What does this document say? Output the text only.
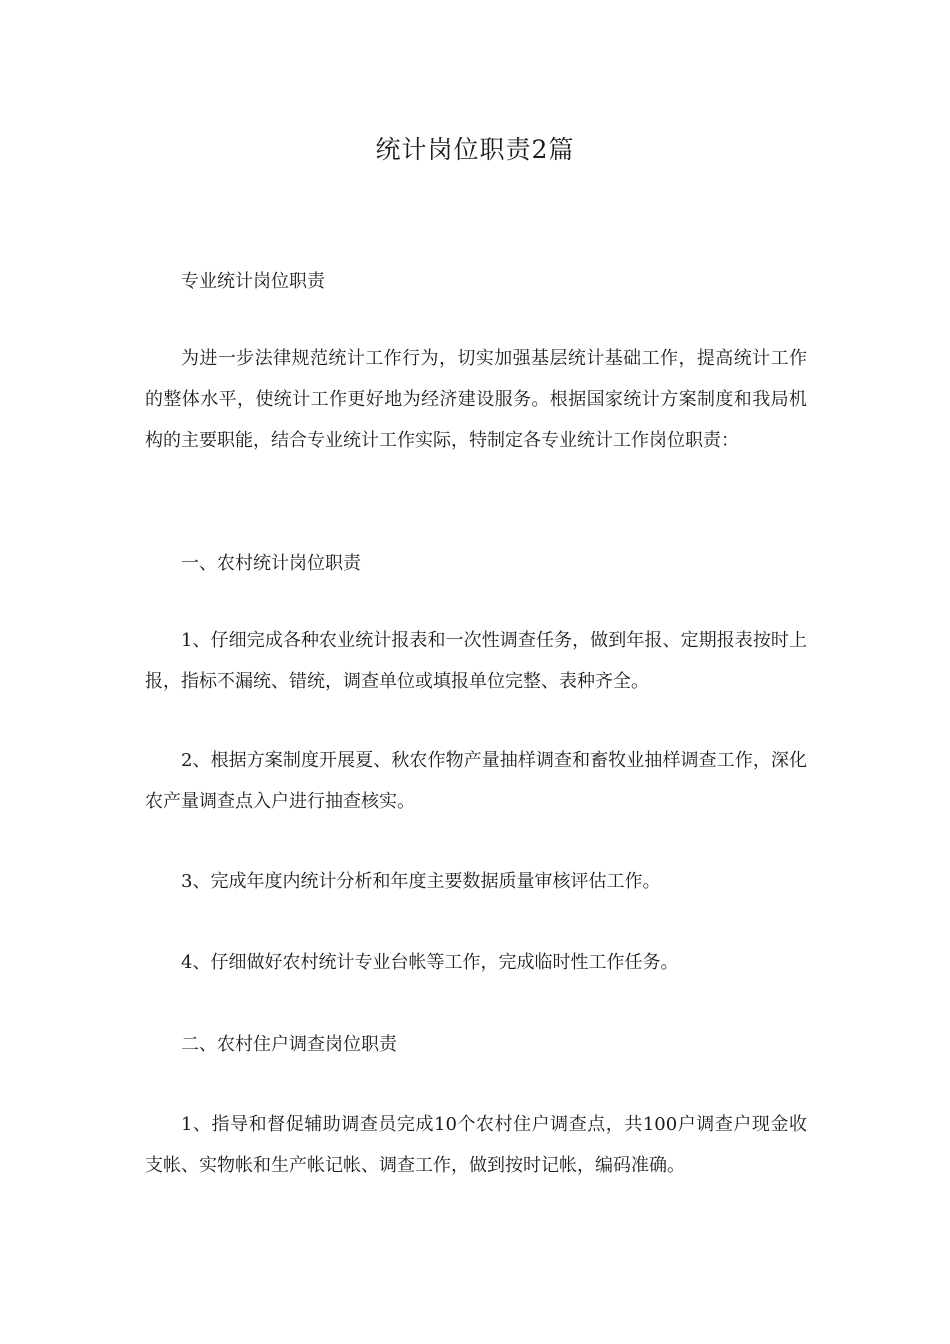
统计岗位职责2篇

专业统计岗位职责

为进一步法律规范统计工作行为，切实加强基层统计基础工作，提高统计工作的整体水平，使统计工作更好地为经济建设服务。根据国家统计方案制度和我局机构的主要职能，结合专业统计工作实际，特制定各专业统计工作岗位职责：

一、农村统计岗位职责

1、仔细完成各种农业统计报表和一次性调查任务，做到年报、定期报表按时上报，指标不漏统、错统，调查单位或填报单位完整、表种齐全。

2、根据方案制度开展夏、秋农作物产量抽样调查和畜牧业抽样调查工作，深化农产量调查点入户进行抽查核实。

3、完成年度内统计分析和年度主要数据质量审核评估工作。

4、仔细做好农村统计专业台帐等工作，完成临时性工作任务。

二、农村住户调查岗位职责

1、指导和督促辅助调查员完成10个农村住户调查点，共100户调查户现金收支帐、实物帐和生产帐记帐、调查工作，做到按时记帐，编码准确。
